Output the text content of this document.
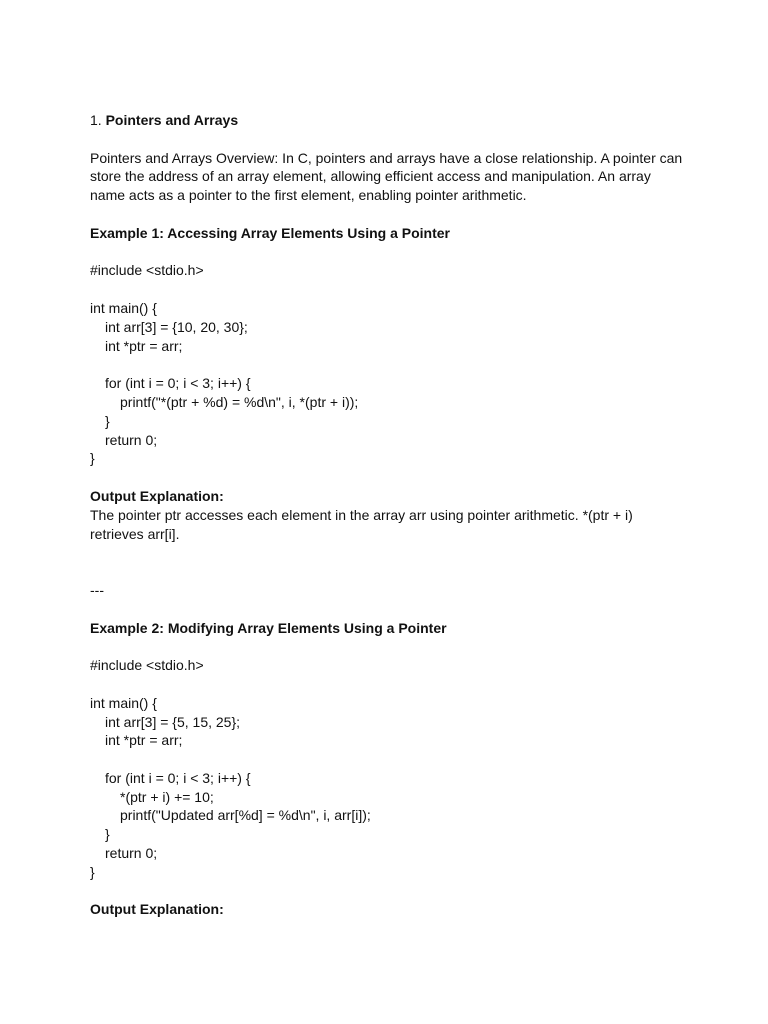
1. Pointers and Arrays
Pointers and Arrays Overview: In C, pointers and arrays have a close relationship. A pointer can
store the address of an array element, allowing efficient access and manipulation. An array
name acts as a pointer to the first element, enabling pointer arithmetic.
Example 1: Accessing Array Elements Using a Pointer
#include <stdio.h>
int main() {
int arr[3] = {10, 20, 30};
int *ptr = arr;
for (int i = 0; i < 3; i++) {
printf("*(ptr + %d) = %d\n", i, *(ptr + i));
}
return 0;
}
Output Explanation:
The pointer ptr accesses each element in the array arr using pointer arithmetic. *(ptr + i)
retrieves arr[i].
---
Example 2: Modifying Array Elements Using a Pointer
#include <stdio.h>
int main() {
int arr[3] = {5, 15, 25};
int *ptr = arr;
for (int i = 0; i < 3; i++) {
*(ptr + i) += 10;
printf("Updated arr[%d] = %d\n", i, arr[i]);
}
return 0;
}
Output Explanation:
